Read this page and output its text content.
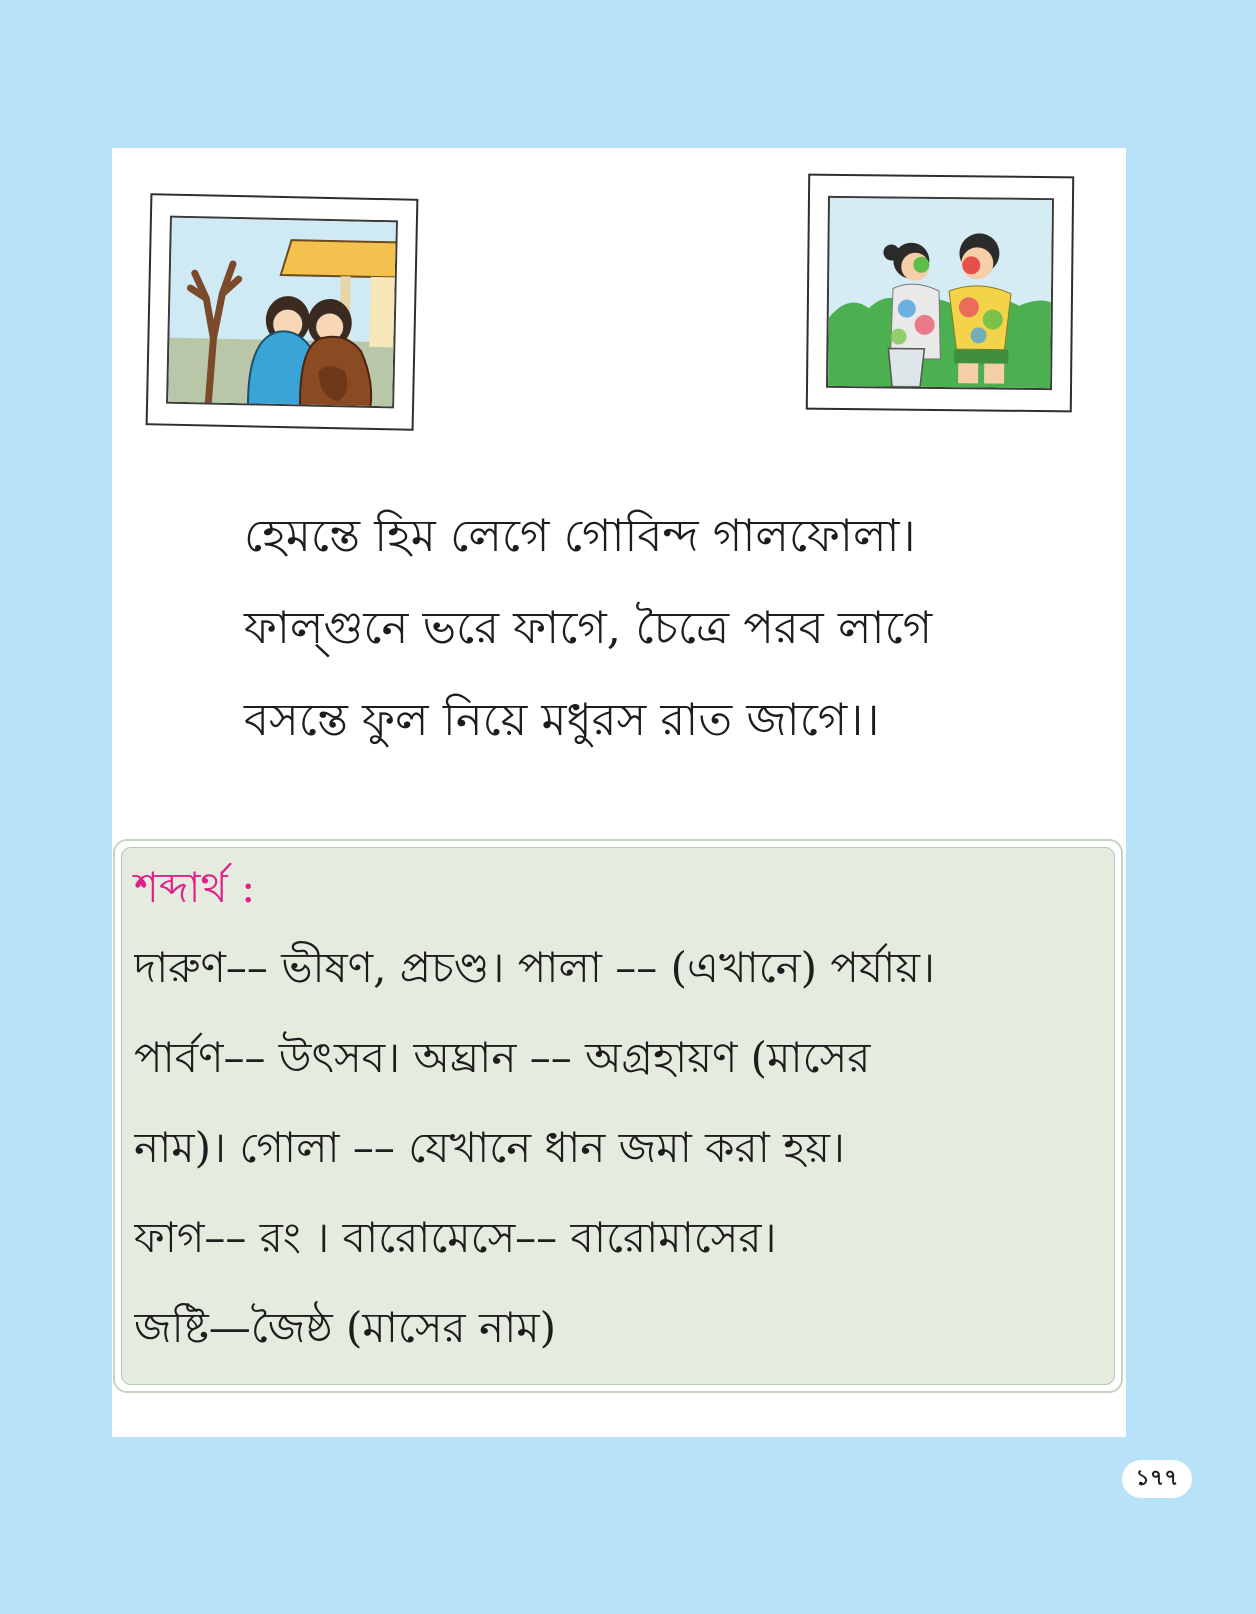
হেমন্তে হিম লেগে গোবিন্দ গালফোলা।
ফাল্গুনে ভরে ফাগে, চৈত্রে পরব লাগে
বসন্তে ফুল নিয়ে মধুরস রাত জাগে।।
শব্দার্থ :
দারুণ–– ভীষণ, প্রচণ্ড। পালা –– (এখানে) পর্যায়।
পার্বণ–– উৎসব। অঘ্রান –– অগ্রহায়ণ (মাসের
নাম)। গোলা –– যেখানে ধান জমা করা হয়।
ফাগ–– রং । বারোমেসে–– বারোমাসের।
জষ্টি—জৈষ্ঠ (মাসের নাম)
১৭৭
